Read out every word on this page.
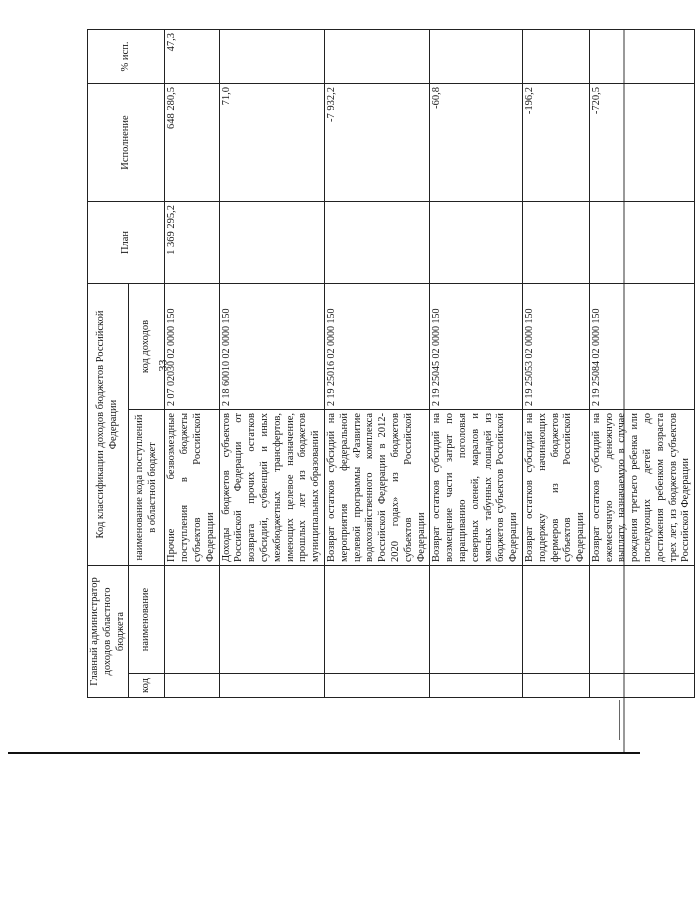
33
Главный администратор доходов областного бюджета		Код классификации доходов бюджетов Российской Федерации		План	Исполнение	% исп.
код	наименование	наименование кода поступлений в областной бюджет	код доходов			
		Прочие безвозмездные поступления в бюджеты субъектов Российской Федерации	2 07 02030 02 0000 150	1 369 295,2	648 280,5	47,3
		Доходы бюджетов субъектов Российской Федерации от возврата прочих остатков субсидий, субвенций и иных межбюджетных трансфертов, имеющих целевое назначение, прошлых лет из бюджетов муниципальных образований	2 18 60010 02 0000 150		71,0	
		Возврат остатков субсидий на мероприятия федеральной целевой программы «Развитие водохозяйственного комплекса Российской Федерации в 2012-2020 годах» из бюджетов субъектов Российской Федерации	2 19 25016 02 0000 150		-7 932,2	
		Возврат остатков субсидий на возмещение части затрат по наращиванию поголовья северных оленей, маралов и мясных табунных лошадей из бюджетов субъектов Российской Федерации	2 19 25045 02 0000 150		-60,8	
		Возврат остатков субсидий на поддержку начинающих фермеров из бюджетов субъектов Российской Федерации	2 19 25053 02 0000 150		-196,2	
		Возврат остатков субсидий на ежемесячную денежную выплату, назначаемую в случае рождения третьего ребенка или последующих детей до достижения ребенком возраста трех лет, из бюджетов субъектов Российской Федерации	2 19 25084 02 0000 150		-720,5	
